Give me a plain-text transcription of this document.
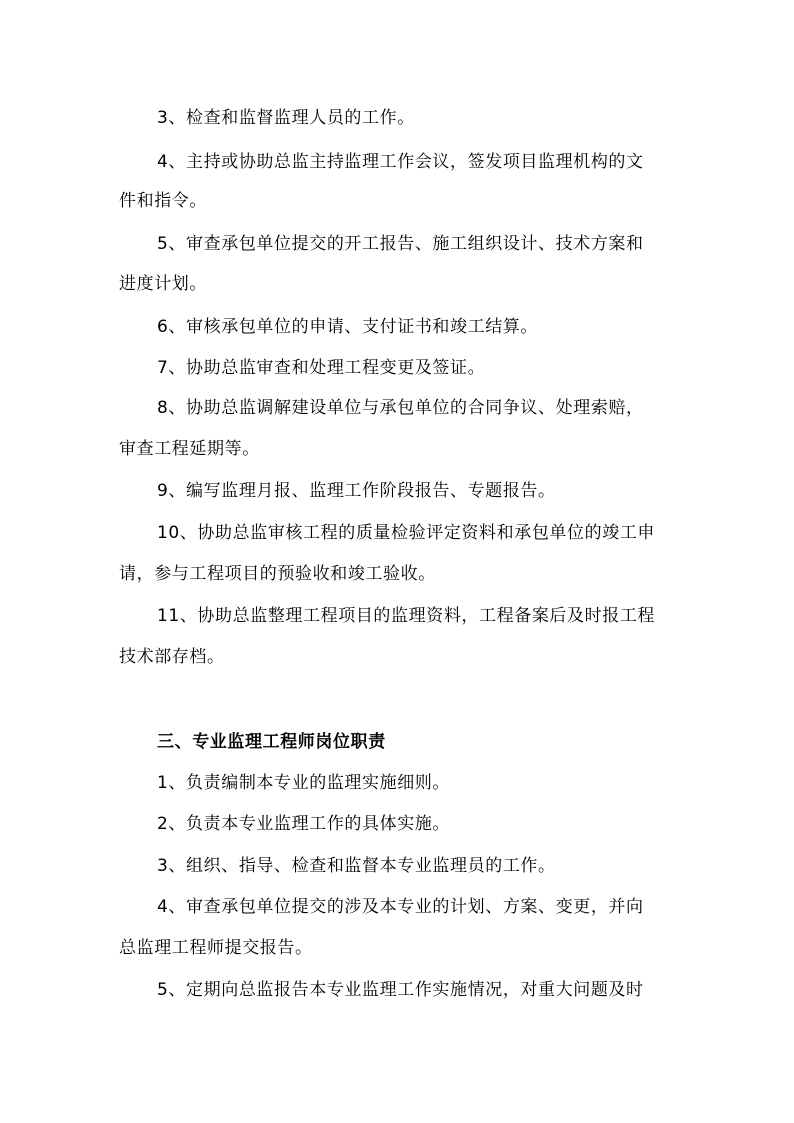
3、检查和监督监理人员的工作。
4、主持或协助总监主持监理工作会议，签发项目监理机构的文
件和指令。
5、审查承包单位提交的开工报告、施工组织设计、技术方案和
进度计划。
6、审核承包单位的申请、支付证书和竣工结算。
7、协助总监审查和处理工程变更及签证。
8、协助总监调解建设单位与承包单位的合同争议、处理索赔，
审查工程延期等。
9、编写监理月报、监理工作阶段报告、专题报告。
10、协助总监审核工程的质量检验评定资料和承包单位的竣工申
请，参与工程项目的预验收和竣工验收。
11、协助总监整理工程项目的监理资料，工程备案后及时报工程
技术部存档。
三、专业监理工程师岗位职责
1、负责编制本专业的监理实施细则。
2、负责本专业监理工作的具体实施。
3、组织、指导、检查和监督本专业监理员的工作。
4、审查承包单位提交的涉及本专业的计划、方案、变更，并向
总监理工程师提交报告。
5、定期向总监报告本专业监理工作实施情况，对重大问题及时
